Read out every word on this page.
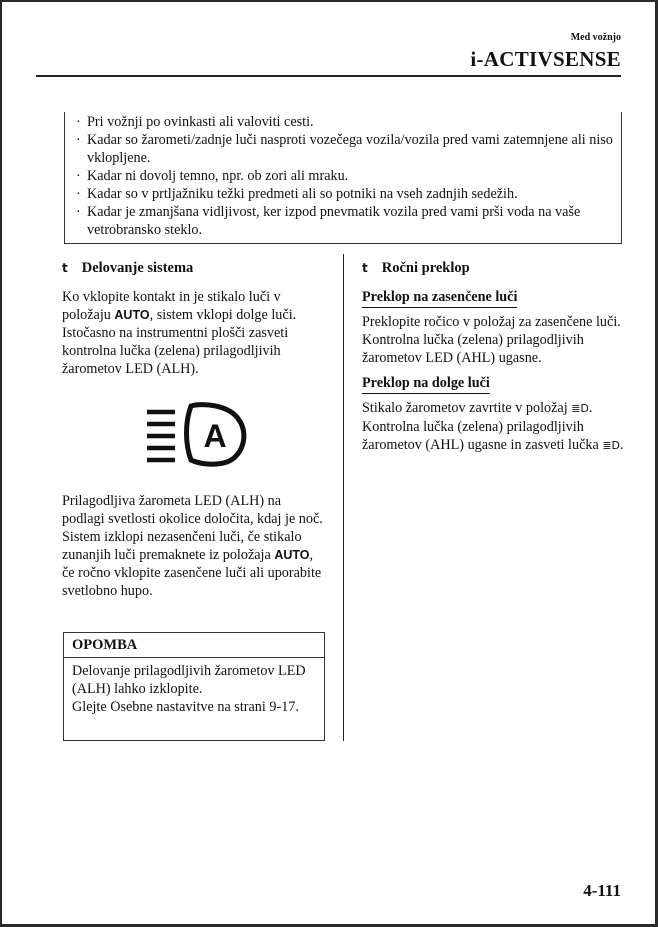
Med vožnjo
i-ACTIVSENSE
· Pri vožnji po ovinkasti ali valoviti cesti.
· Kadar so žarometi/zadnje luči nasproti vozečega vozila/vozila pred vami zatemnjene ali niso vklopljene.
· Kadar ni dovolj temno, npr. ob zori ali mraku.
· Kadar so v prtljažniku težki predmeti ali so potniki na vseh zadnjih sedežih.
· Kadar je zmanjšana vidljivost, ker izpod pnevmatik vozila pred vami prši voda na vaše vetrobransko steklo.
t Delovanje sistema

Ko vklopite kontakt in je stikalo luči v položaju AUTO, sistem vklopi dolge luči. Istočasno na instrumentni plošči zasveti kontrolna lučka (zelena) prilagodljivih žarometov LED (ALH).

A

Prilagodljiva žarometa LED (ALH) na podlagi svetlosti okolice določita, kdaj je noč.

Sistem izklopi nezasenčeni luči, če stikalo zunanjih luči premaknete iz položaja AUTO, če ročno vklopite zasenčene luči ali uporabite svetlobno hupo.

OPOMBA

Delovanje prilagodljivih žarometov LED (ALH) lahko izklopite.

Glejte Osebne nastavitve na strani 9-17.

t Ročni preklop
Preklop na zasenčene luči

Preklopite ročico v položaj za zasenčene luči.

Kontrolna lučka (zelena) prilagodljivih žarometov LED (AHL) ugasne.

Preklop na dolge luči

Stikalo žarometov zavrtite v položaj ≣D.

Kontrolna lučka (zelena) prilagodljivih žarometov (AHL) ugasne in zasveti lučka ≣D.

4-111
